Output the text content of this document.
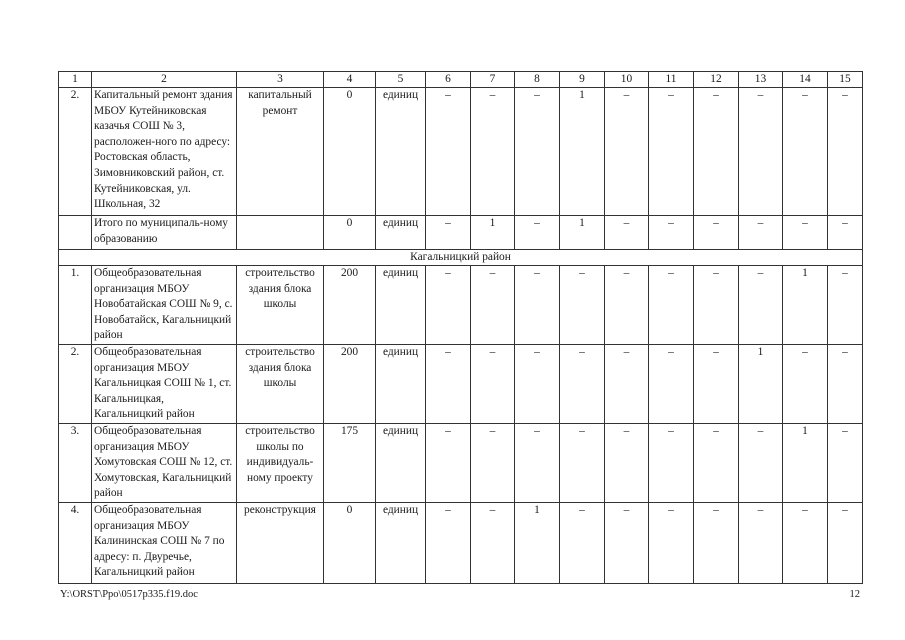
1	2	3	4	5	6	7	8	9	10	11	12	13	14	15
2.	Капитальный ремонт здания МБОУ Кутейниковская казачья СОШ № 3, расположен-ного по адресу: Ростовская область, Зимовниковский район, ст. Кутейниковская, ул. Школьная, 32	капитальный ремонт	0	единиц	–	–	–	1	–	–	–	–	–	–
	Итого по муниципаль-ному образованию		0	единиц	–	1	–	1	–	–	–	–	–	–
Кагальницкий район														
1.	Общеобразовательная организация МБОУ Новобатайская СОШ № 9, с. Новобатайск, Кагальницкий район	строительство здания блока школы	200	единиц	–	–	–	–	–	–	–	–	1	–
2.	Общеобразовательная организация МБОУ Кагальницкая СОШ № 1, ст. Кагальницкая, Кагальницкий район	строительство здания блока школы	200	единиц	–	–	–	–	–	–	–	1	–	–
3.	Общеобразовательная организация МБОУ Хомутовская СОШ № 12, ст. Хомутовская, Кагальницкий район	строительство школы по индивидуаль-ному проекту	175	единиц	–	–	–	–	–	–	–	–	1	–
4.	Общеобразовательная организация МБОУ Калининская СОШ № 7 по адресу: п. Двуречье, Кагальницкий район	реконструкция	0	единиц	–	–	1	–	–	–	–	–	–	–
Y:\ORST\Ppo\0517p335.f19.doc	12
